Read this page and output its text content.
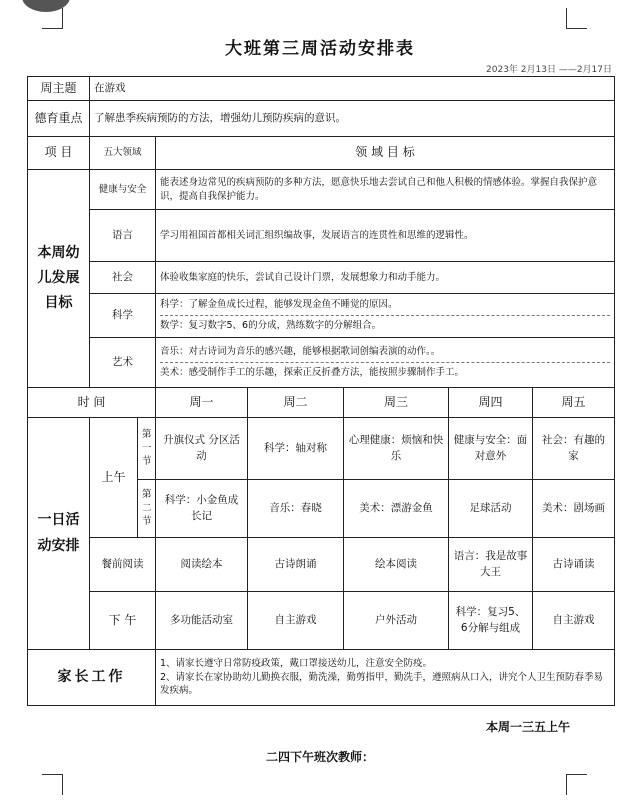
大班第三周活动安排表
2023年 2月13日 ——2月17日
周主题	在游戏						
德育重点	了解患季疾病预防的方法，增强幼儿预防疾病的意识。						
项 目	五大领域		领 域 目 标				
本周幼儿发展目标	健康与安全		能表述身边常见的疾病预防的多种方法，愿意快乐地去尝试自己和他人积极的情感体验。掌握自我保护意识，提高自我保护能力。				
	语言		学习用祖国首都相关词汇组织编故事，发展语言的连贯性和思维的逻辑性。				
	社会		体验收集家庭的快乐，尝试自己设计门票，发展想象力和动手能力。				
	科学		科学：了解金鱼成长过程，能够发现金鱼不睡觉的原因。
数学：复习数字5、6的分成，熟练数字的分解组合。				

	艺术		音乐：对古诗词为音乐的感兴趣，能够根据歌词创编表演的动作。。
美术：感受制作手工的乐趣，探索正反折叠方法，能按照步骤制作手工。				

时 间			周一	周二	周三	周四	周五
一日活动安排	上午	第一节	升旗仪式 分区活动	科学：轴对称	心理健康：烦恼和快乐	健康与安全：面对意外	社会：有趣的家
		第二节	科学：小金鱼成长记	音乐：春晓	美术：漂游金鱼	足球活动	美术：剧场画
	餐前阅读		阅读绘本	古诗朗诵	绘本阅读	语言：我是故事大王	古诗诵读
	下 午		多功能活动室	自主游戏	户外活动	科学：复习5、6分解与组成	自主游戏
家长工作			1、请家长遵守日常防疫政策，戴口罩接送幼儿，注意安全防疫。
2、请家长在家协助幼儿勤换衣服，勤洗澡，勤剪指甲，勤洗手，遵照病从口入，讲究个人卫生预防春季易发疾病。				
本周一三五上午
二四下午班次教师：
